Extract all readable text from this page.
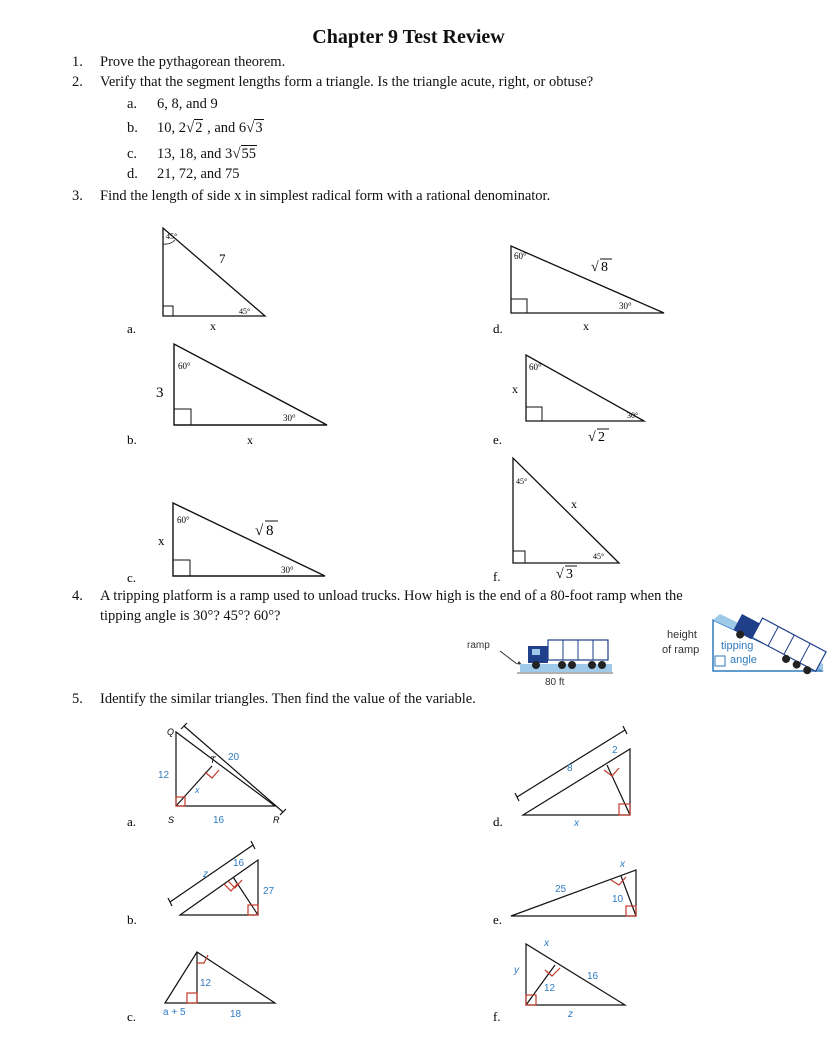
Chapter 9 Test Review
1. Prove the pythagorean theorem.
2. Verify that the segment lengths form a triangle. Is the triangle acute, right, or obtuse?
a. 6, 8, and 9
b. 10, 2√2 , and 6√3
c. 13, 18, and 3√55
d. 21, 72, and 75
3. Find the length of side x in simplest radical form with a rational denominator.
4. A tripping platform is a ramp used to unload trucks. How high is the end of a 80-foot ramp when the
tipping angle is 30°? 45°? 60°?
5. Identify the similar triangles. Then find the value of the variable.
a.
45°
7
45°
x	d.
60°
√ 8
30°
x
b.
60°
3
30°
x	e.
60°
x
30°
√ 2
c.
60°
x
√ 8
30°	f.
45°
x
45°
√ 3
ramp
80 ft
height
of ramp tipping
angle
a.
Q
T
S	R
12
20
16
x
d.
8
2
x
b.
z
16
27
e.
25
x
10
c.
12
a + 5	18	f.
x
y
16
12
z
